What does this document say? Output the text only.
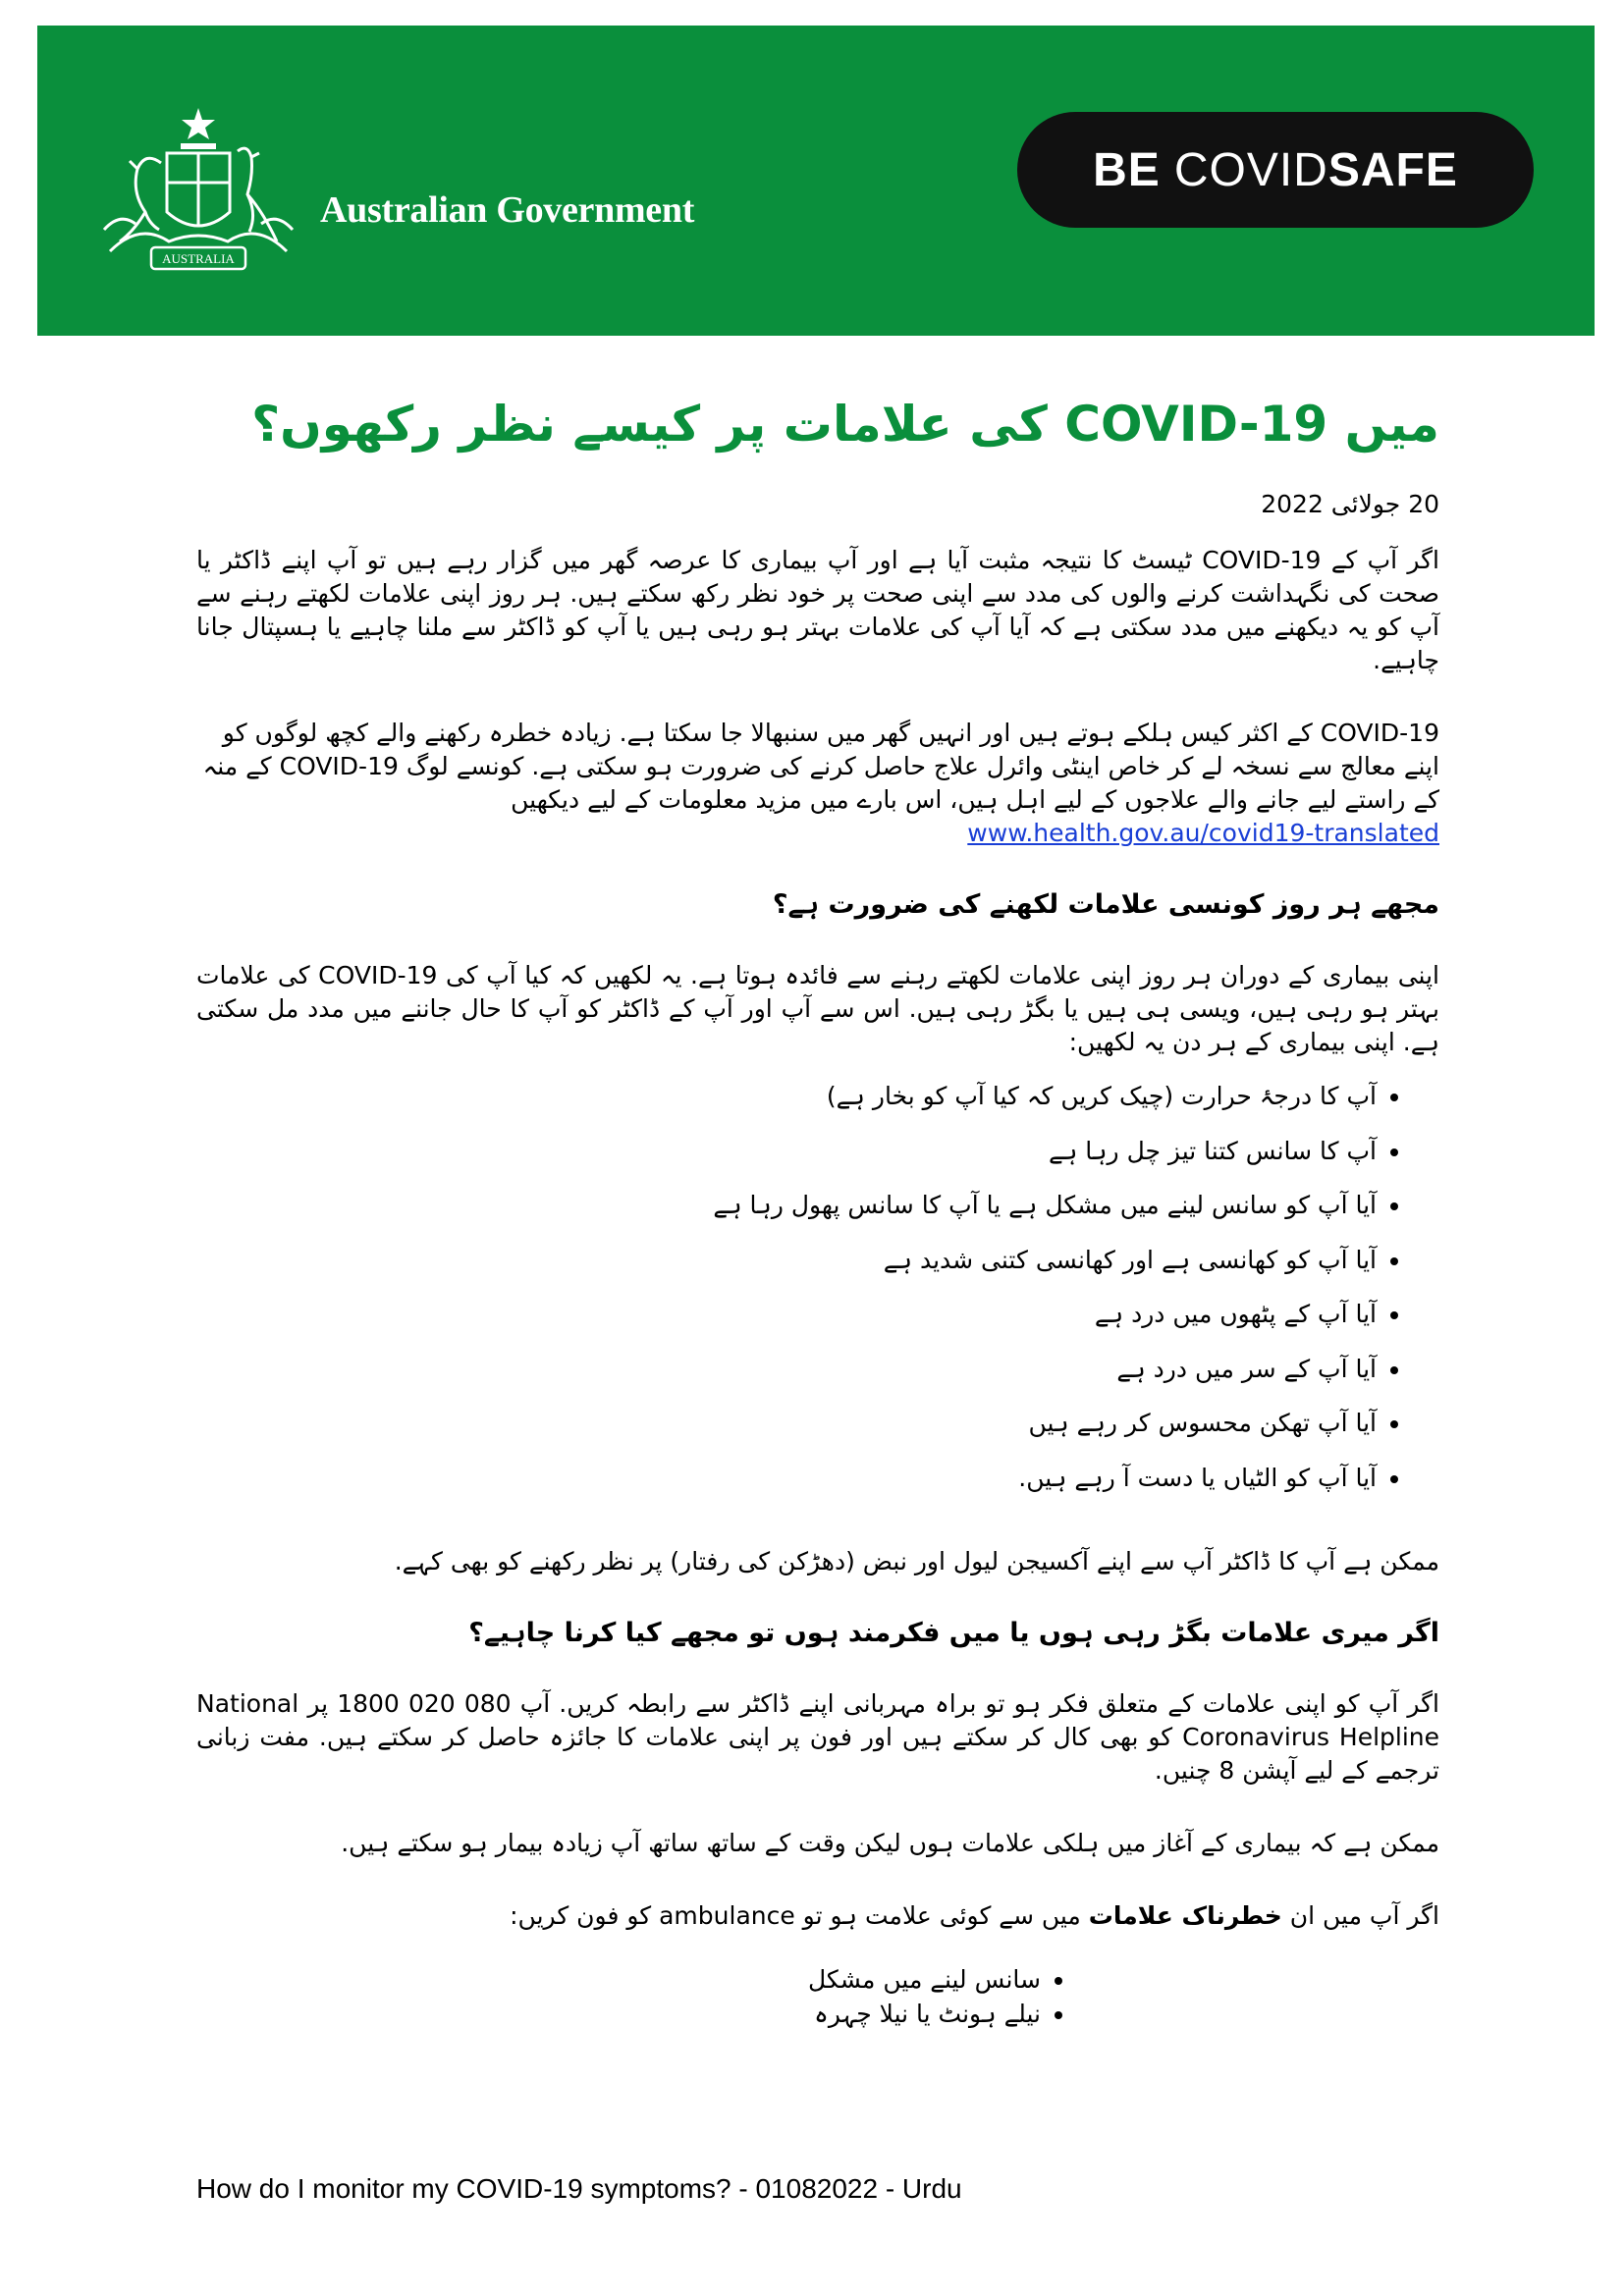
AUSTRALIA
Australian Government
BE COVIDSAFE
میں COVID-19 کی علامات پر کیسے نظر رکھوں؟
20 جولائی 2022

اگر آپ کے COVID-19 ٹیسٹ کا نتیجہ مثبت آیا ہے اور آپ بیماری کا عرصہ گھر میں گزار رہے ہیں تو آپ اپنے ڈاکٹر یا صحت کی نگہداشت کرنے والوں کی مدد سے اپنی صحت پر خود نظر رکھ سکتے ہیں. ہر روز اپنی علامات لکھتے رہنے سے آپ کو یہ دیکھنے میں مدد سکتی ہے کہ آیا آپ کی علامات بہتر ہو رہی ہیں یا آپ کو ڈاکٹر سے ملنا چاہیے یا ہسپتال جانا چاہیے.

COVID-19 کے اکثر کیس ہلکے ہوتے ہیں اور انہیں گھر میں سنبھالا جا سکتا ہے. زیادہ خطرہ رکھنے والے کچھ لوگوں کو اپنے معالج سے نسخہ لے کر خاص اینٹی وائرل علاج حاصل کرنے کی ضرورت ہو سکتی ہے. کونسے لوگ COVID-19 کے منہ کے راستے لیے جانے والے علاجوں کے لیے اہل ہیں، اس بارے میں مزید معلومات کے لیے دیکھیں
www.health.gov.au/covid19-translated

مجھے ہر روز کونسی علامات لکھنے کی ضرورت ہے؟

اپنی بیماری کے دوران ہر روز اپنی علامات لکھتے رہنے سے فائدہ ہوتا ہے. یہ لکھیں کہ کیا آپ کی COVID-19 کی علامات بہتر ہو رہی ہیں، ویسی ہی ہیں یا بگڑ رہی ہیں. اس سے آپ اور آپ کے ڈاکٹر کو آپ کا حال جاننے میں مدد مل سکتی ہے. اپنی بیماری کے ہر دن یہ لکھیں:

• آپ کا درجۂ حرارت (چیک کریں کہ کیا آپ کو بخار ہے)
• آپ کا سانس کتنا تیز چل رہا ہے
• آیا آپ کو سانس لینے میں مشکل ہے یا آپ کا سانس پھول رہا ہے
• آیا آپ کو کھانسی ہے اور کھانسی کتنی شدید ہے
• آیا آپ کے پٹھوں میں درد ہے
• آیا آپ کے سر میں درد ہے
• آیا آپ تھکن محسوس کر رہے ہیں
• آیا آپ کو الٹیاں یا دست آ رہے ہیں.

ممکن ہے آپ کا ڈاکٹر آپ سے اپنے آکسیجن لیول اور نبض (دھڑکن کی رفتار) پر نظر رکھنے کو بھی کہے.

اگر میری علامات بگڑ رہی ہوں یا میں فکرمند ہوں تو مجھے کیا کرنا چاہیے؟

اگر آپ کو اپنی علامات کے متعلق فکر ہو تو براہ مہربانی اپنے ڈاکٹر سے رابطہ کریں. آپ 080 020 1800 پر National Coronavirus Helpline کو بھی کال کر سکتے ہیں اور فون پر اپنی علامات کا جائزہ حاصل کر سکتے ہیں. مفت زبانی ترجمے کے لیے آپشن 8 چنیں.

ممکن ہے کہ بیماری کے آغاز میں ہلکی علامات ہوں لیکن وقت کے ساتھ ساتھ آپ زیادہ بیمار ہو سکتے ہیں.

اگر آپ میں ان خطرناک علامات میں سے کوئی علامت ہو تو ambulance کو فون کریں:

• سانس لینے میں مشکل
• نیلے ہونٹ یا نیلا چہرہ
How do I monitor my COVID-19 symptoms? - 01082022 - Urdu
